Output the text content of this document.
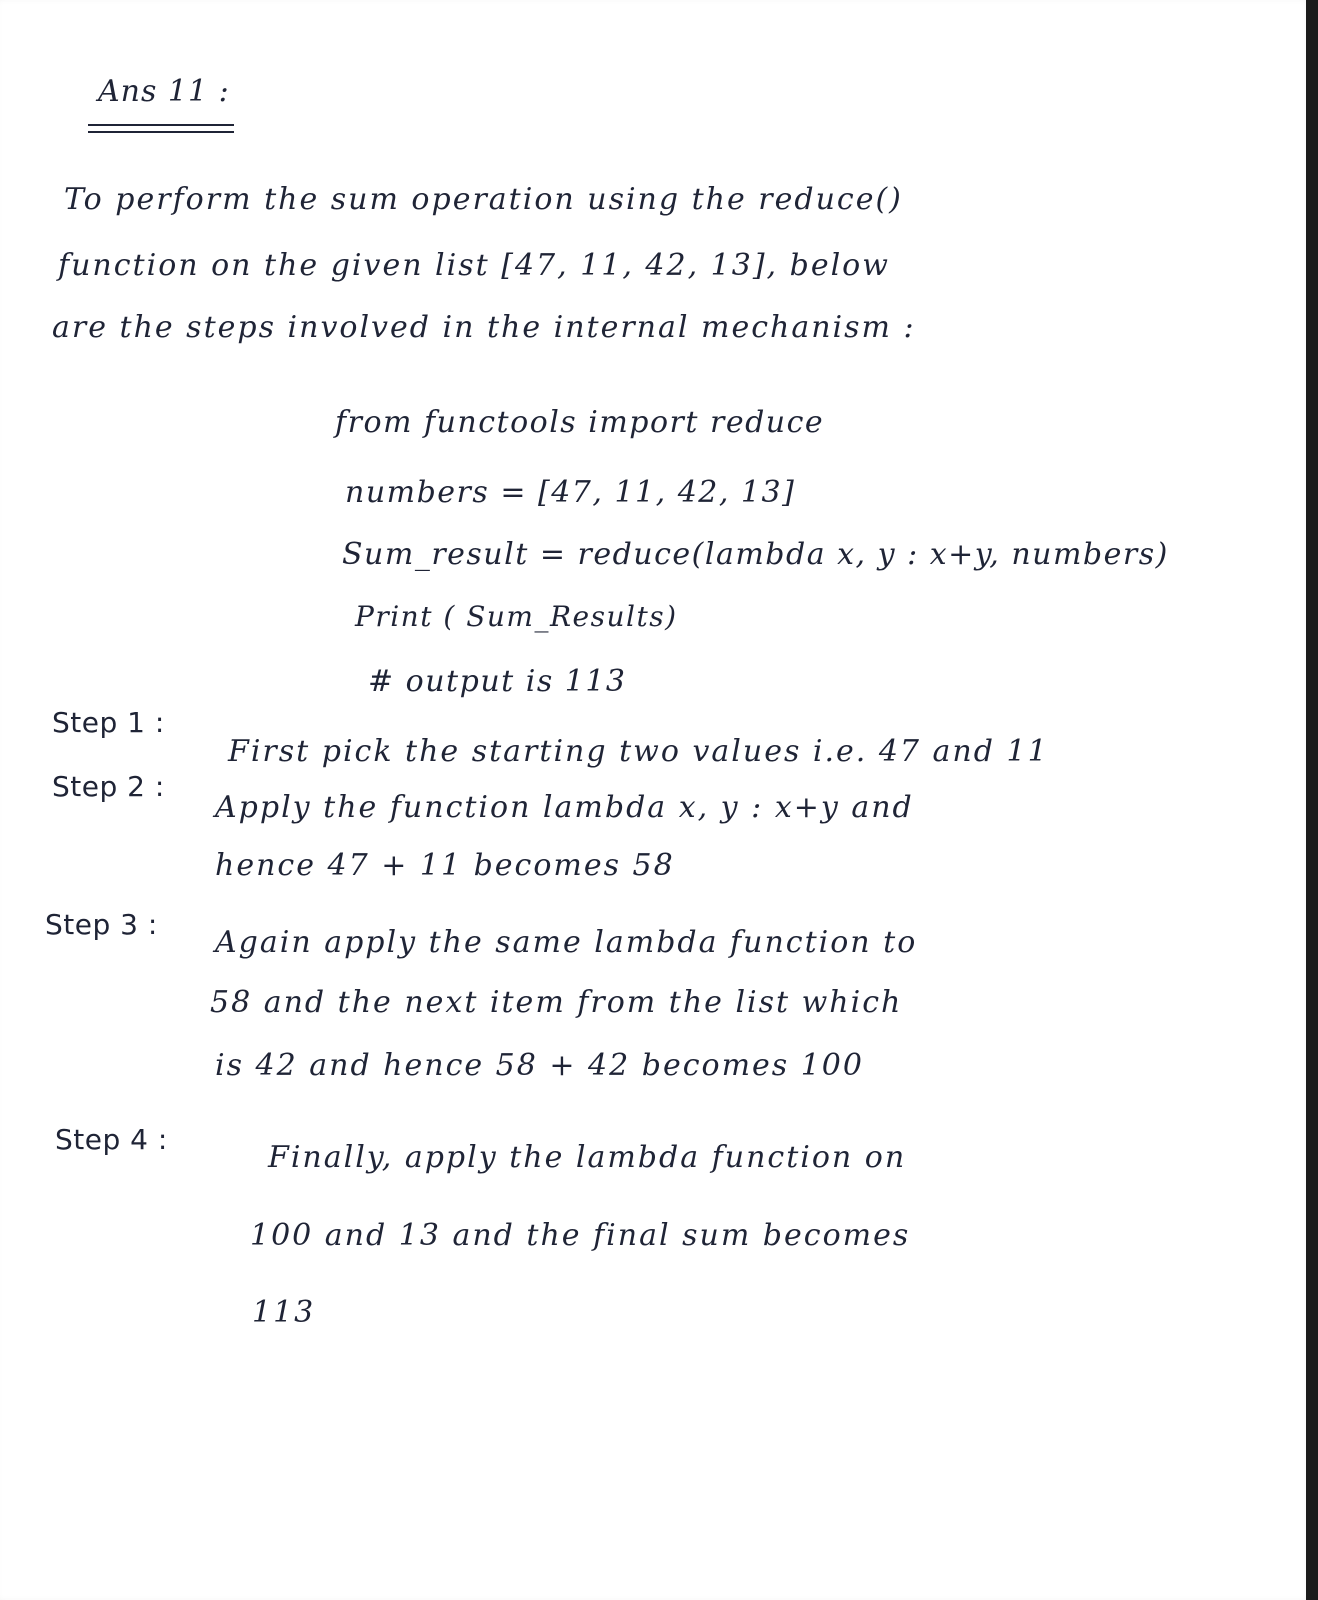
Ans 11 :
To perform the sum operation using the reduce()
function on the given list [47, 11, 42, 13], below
are the steps involved in the internal mechanism :
from functools import reduce
numbers = [47, 11, 42, 13]
Sum_result = reduce(lambda x, y : x+y, numbers)
Print ( Sum_Results)
# output is 113
Step 1 :
First pick the starting two values i.e. 47 and 11
Step 2 :
Apply the function lambda x, y : x+y and
hence 47 + 11 becomes 58
Step 3 :
Again apply the same lambda function to
58 and the next item from the list which
is 42 and hence 58 + 42 becomes 100
Step 4 :
Finally, apply the lambda function on
100 and 13 and the final sum becomes
113
